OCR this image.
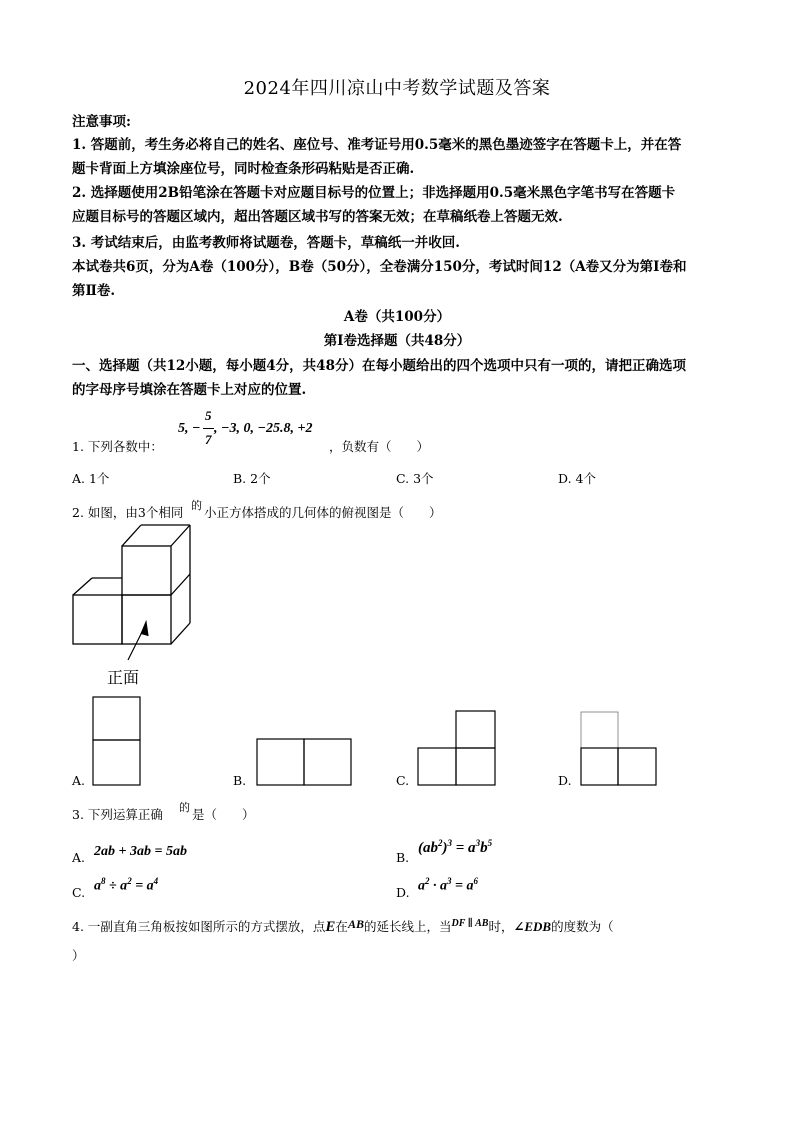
2024年四川凉山中考数学试题及答案
注意事项:
1. 答题前，考生务必将自己的姓名、座位号、准考证号用0.5毫米的黑色墨迹签字在答题卡上，并在答
题卡背面上方填涂座位号，同时检查条形码粘贴是否正确.
2. 选择题使用2B铅笔涂在答题卡对应题目标号的位置上；非选择题用0.5毫米黑色字笔书写在答题卡
应题目标号的答题区域内，超出答题区域书写的答案无效；在草稿纸卷上答题无效.
3. 考试结束后，由监考教师将试题卷，答题卡，草稿纸一并收回.
本试卷共6页，分为A卷（100分），B卷（50分），全卷满分150分，考试时间12（A卷又分为第Ⅰ卷和
第Ⅱ卷.
A卷（共100分）
第Ⅰ卷选择题（共48分）
一、选择题（共12小题，每小题4分，共48分）在每小题给出的四个选项中只有一项的，请把正确选项
的字母序号填涂在答题卡上对应的位置.
1. 下列各数中：
5, −
5
7
, −3, 0, −25.8, +2
，负数有（　　）
A. 1个	B. 2个	C. 3个	D. 4个
2. 如图，由3个相同 的 小正方体搭成的几何体的俯视图是（　　）
正面
A.	B.	C.	D.
3. 下列运算正确 的 是（　　）
A. 2ab + 3ab = 5ab	B.
$(ab^2)^3 = a^3b^5$
C. $a^8 \div a^2 = a^4$
D. $a^2 \cdot a^3 = a^6$
4. 一副直角三角板按如图所示的方式摆放，点E在AB的延长线上，当$^{DF \parallel AB}$时，∠EDB的度数为（
）
